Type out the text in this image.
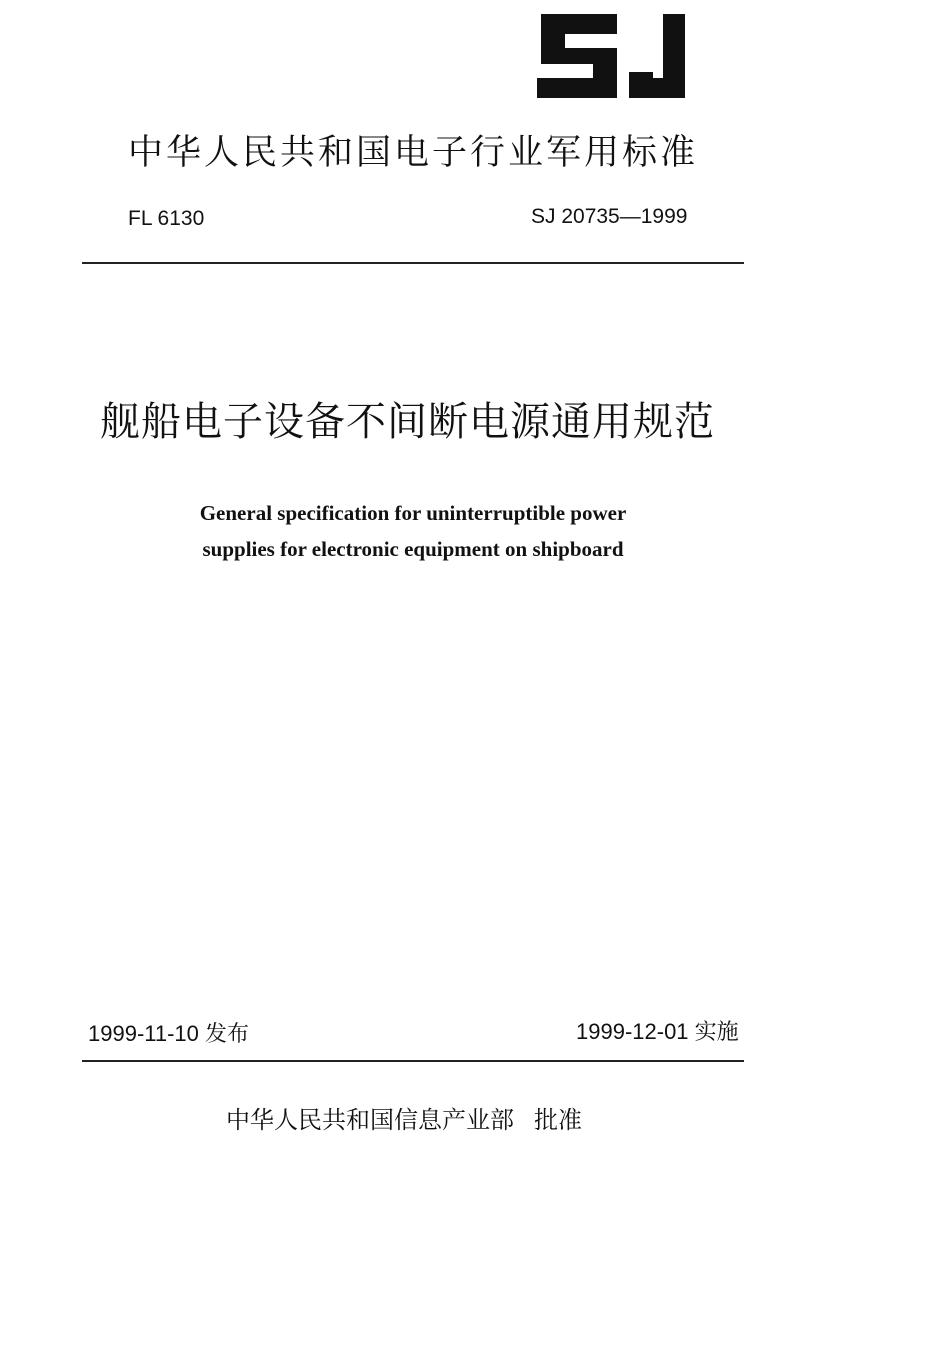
中华人民共和国电子行业军用标准
FL 6130	SJ 20735—1999
舰船电子设备不间断电源通用规范
General specification for uninterruptible power
supplies for electronic equipment on shipboard
1999-11-10 发布	1999-12-01 实施
中华人民共和国信息产业部 批准
